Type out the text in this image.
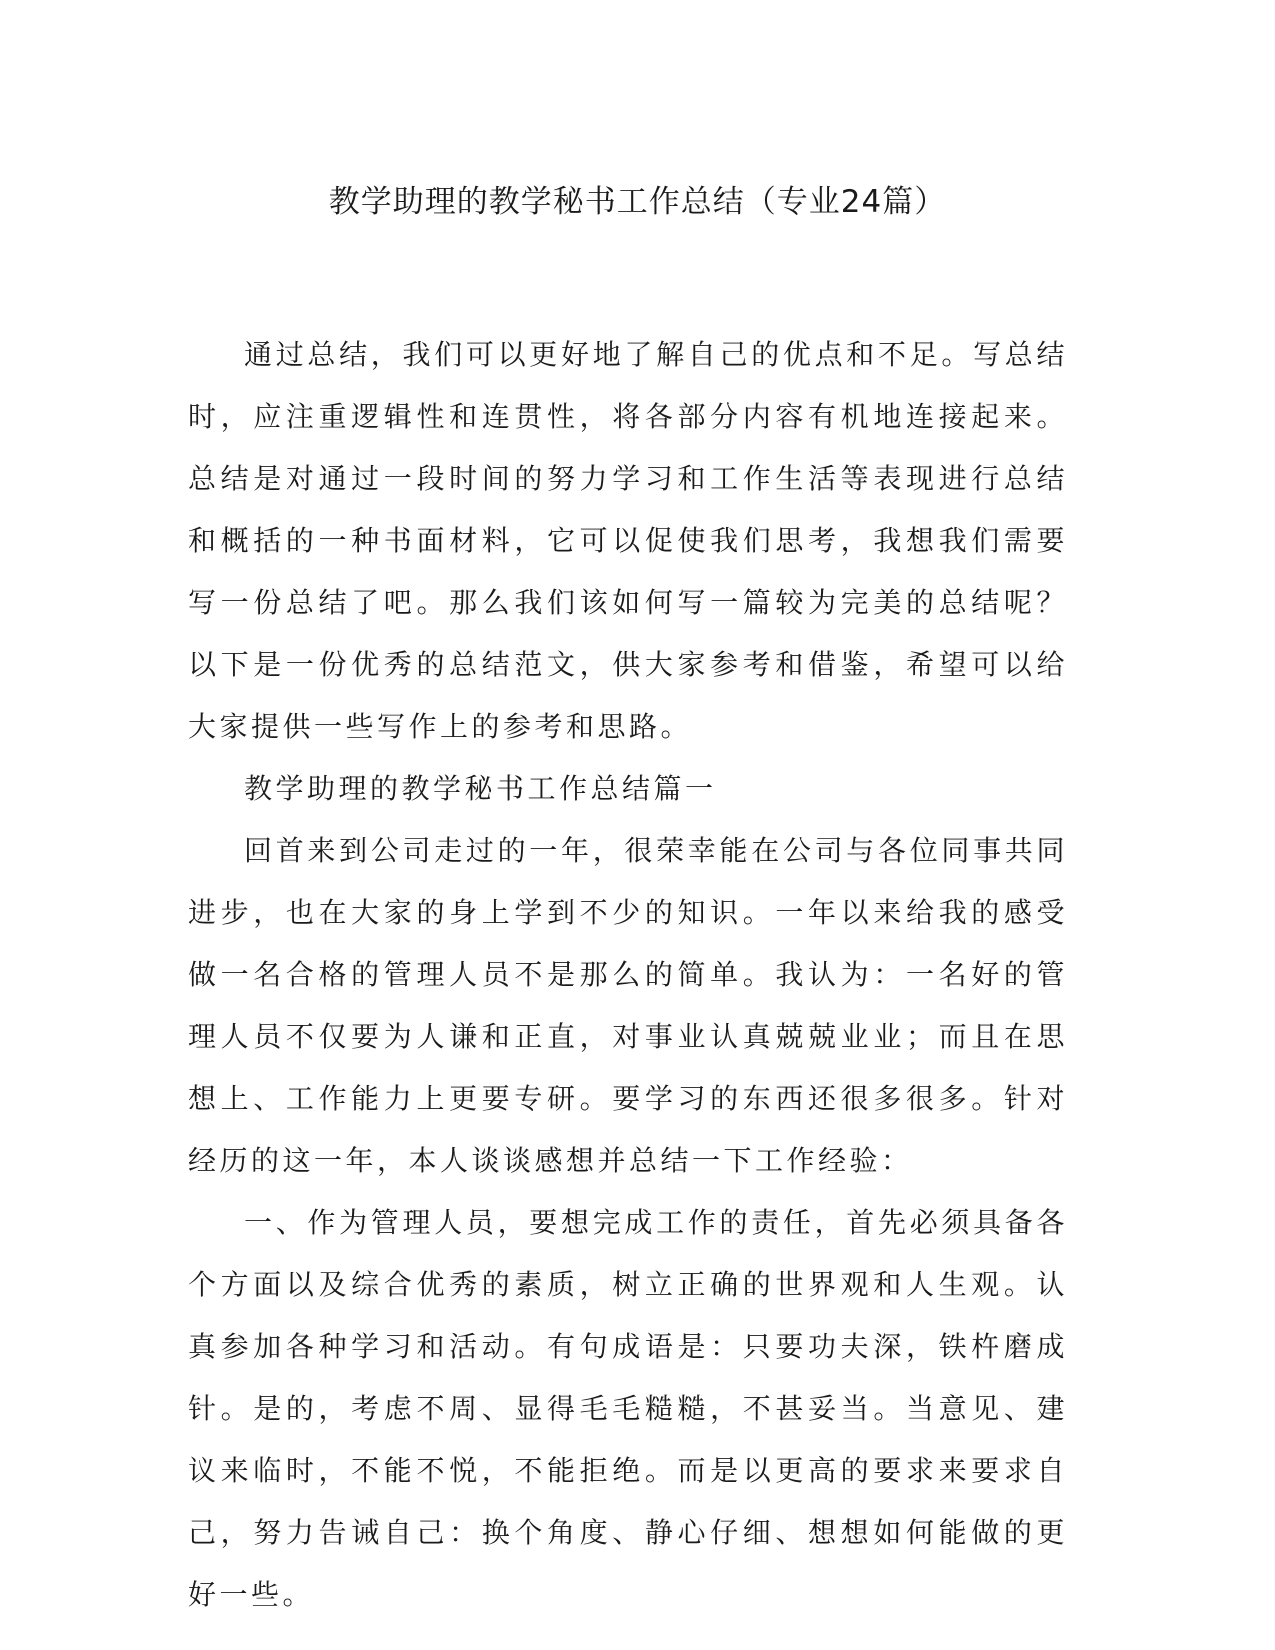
教学助理的教学秘书工作总结（专业24篇）

通过总结，我们可以更好地了解自己的优点和不足。写总结时，应注重逻辑性和连贯性，将各部分内容有机地连接起来。总结是对通过一段时间的努力学习和工作生活等表现进行总结和概括的一种书面材料，它可以促使我们思考，我想我们需要写一份总结了吧。那么我们该如何写一篇较为完美的总结呢？以下是一份优秀的总结范文，供大家参考和借鉴，希望可以给大家提供一些写作上的参考和思路。

教学助理的教学秘书工作总结篇一

回首来到公司走过的一年，很荣幸能在公司与各位同事共同进步，也在大家的身上学到不少的知识。一年以来给我的感受做一名合格的管理人员不是那么的简单。我认为：一名好的管理人员不仅要为人谦和正直，对事业认真兢兢业业；而且在思想上、工作能力上更要专研。要学习的东西还很多很多。针对经历的这一年，本人谈谈感想并总结一下工作经验：

一、作为管理人员，要想完成工作的责任，首先必须具备各个方面以及综合优秀的素质，树立正确的世界观和人生观。认真参加各种学习和活动。有句成语是：只要功夫深，铁杵磨成针。是的，考虑不周、显得毛毛糙糙，不甚妥当。当意见、建议来临时，不能不悦，不能拒绝。而是以更高的要求来要求自己，努力告诫自己：换个角度、静心仔细、想想如何能做的更好一些。
